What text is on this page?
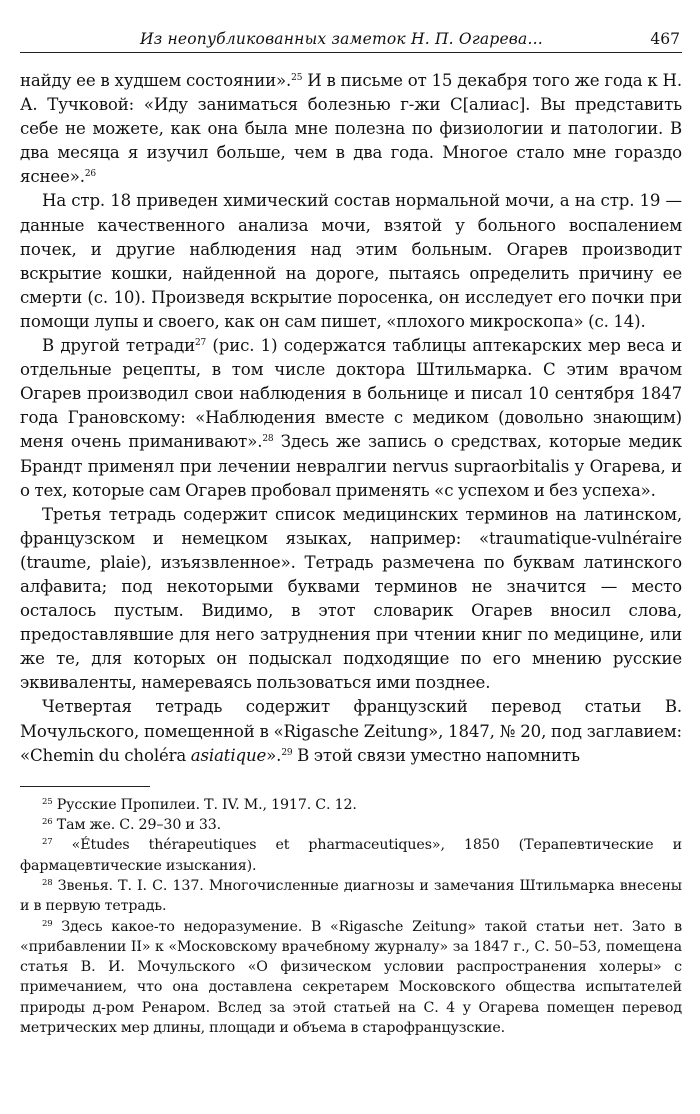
Из неопубликованных заметок Н. П. Огарева...	467

найду ее в худшем состоянии».$^{25}$ И в письме от 15 декабря того же года к Н. А. Тучковой: «Иду заниматься болезнью г-жи С[алиас]. Вы представить себе не можете, как она была мне полезна по физиологии и патологии. В два месяца я изучил больше, чем в два года. Многое стало мне гораздо яснее».$^{26}$

На стр. 18 приведен химический состав нормальной мочи, а на стр. 19 — данные качественного анализа мочи, взятой у больного воспалением почек, и другие наблюдения над этим больным. Огарев производит вскрытие кошки, найденной на дороге, пытаясь определить причину ее смерти (с. 10). Произведя вскрытие поросенка, он исследует его почки при помощи лупы и своего, как он сам пишет, «плохого микроскопа» (с. 14).

В другой тетради$^{27}$ (рис. 1) содержатся таблицы аптекарских мер веса и отдельные рецепты, в том числе доктора Штильмарка. С этим врачом Огарев производил свои наблюдения в больнице и писал 10 сентября 1847 года Грановскому: «Наблюдения вместе с медиком (довольно знающим) меня очень приманивают».$^{28}$ Здесь же запись о средствах, которые медик Брандт применял при лечении невралгии nervus supraorbitalis у Огарева, и о тех, которые сам Огарев пробовал применять «с успехом и без успеха».

Третья тетрадь содержит список медицинских терминов на латинском, французском и немецком языках, например: «traumatique-vulnéraire (traume, plaie), изъязвленное». Тетрадь размечена по буквам латинского алфавита; под некоторыми буквами терминов не значится — место осталось пустым. Видимо, в этот словарик Огарев вносил слова, предоставлявшие для него затруднения при чтении книг по медицине, или же те, для которых он подыскал подходящие по его мнению русские эквиваленты, намереваясь пользоваться ими позднее.

Четвертая тетрадь содержит французский перевод статьи В. Мочульского, помещенной в «Rigasche Zeitung», 1847, № 20, под заглавием: «Chemin du choléra asiatique».$^{29}$ В этой связи уместно напомнить

$^{25}$ Русские Пропилеи. Т. IV. М., 1917. С. 12.

$^{26}$ Там же. С. 29–30 и 33.

$^{27}$ «Études thérapeutiques et pharmaceutiques», 1850 (Терапевтические и фармацевтические изыскания).

$^{28}$ Звенья. Т. I. С. 137. Многочисленные диагнозы и замечания Штильмарка внесены и в первую тетрадь.

$^{29}$ Здесь какое-то недоразумение. В «Rigasche Zeitung» такой статьи нет. Зато в «прибавлении II» к «Московскому врачебному журналу» за 1847 г., С. 50–53, помещена статья В. И. Мочульского «О физическом условии распространения холеры» с примечанием, что она доставлена секретарем Московского общества испытателей природы д-ром Ренаром. Вслед за этой статьей на С. 4 у Огарева помещен перевод метрических мер длины, площади и объема в старофранцузские.
